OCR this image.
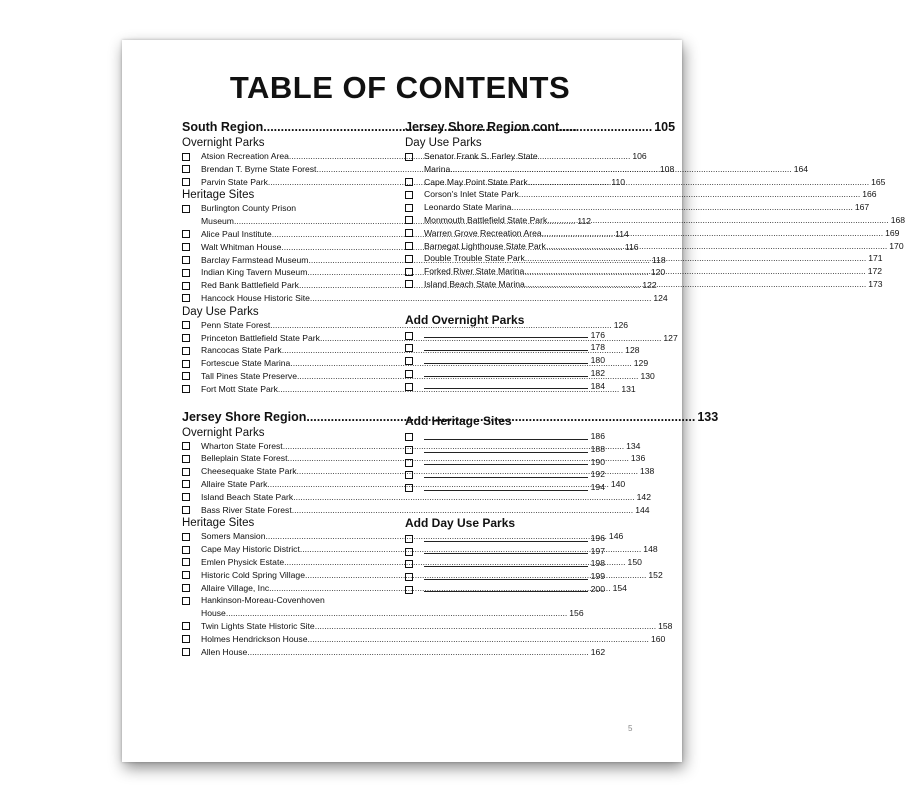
5
TABLE OF CONTENTS
South Region .....	105
Overnight Parks
Atsion Recreation Area .....	106
Brendan T. Byrne State Forest .....	108
Parvin State Park .....	110
Heritage Sites
Burlington County Prison
Museum .....	112
Alice Paul Institute .....	114
Walt Whitman House .....	116
Barclay Farmstead Museum .....	118
Indian King Tavern Museum .....	120
Red Bank Battlefield Park .....	122
Hancock House Historic Site .....	124
Day Use Parks
Penn State Forest .....	126
Princeton Battlefield State Park .....	127
Rancocas State Park .....	128
Fortescue State Marina .....	129
Tall Pines State Preserve .....	130
Fort Mott State Park .....	131
Jersey Shore Region .....	133
Overnight Parks
Wharton State Forest .....	134
Belleplain State Forest .....	136
Cheesequake State Park .....	138
Allaire State Park .....	140
Island Beach State Park .....	142
Bass River State Forest .....	144
Heritage Sites
Somers Mansion .....	146
Cape May Historic District .....	148
Emlen Physick Estate .....	150
Historic Cold Spring Village .....	152
Allaire Village, Inc .....	154
Hankinson-Moreau-Covenhoven
House .....	156
Twin Lights State Historic Site .....	158
Holmes Hendrickson House .....	160
Allen House .....	162
Jersey Shore Region cont.....
Day Use Parks
Senator Frank S. Farley State
Marina .....	164
Cape May Point State Park .....	165
Corson's Inlet State Park .....	166
Leonardo State Marina .....	167
Monmouth Battlefield State Park .....	168
Warren Grove Recreation Area .....	169
Barnegat Lighthouse State Park .....	170
Double Trouble State Park .....	171
Forked River State Marina .....	172
Island Beach State Marina .....	173
Add Overnight Parks
176
178
180
182
184
Add Heritage Sites
186
188
190
192
194
Add Day Use Parks
196
197
198
199
200
